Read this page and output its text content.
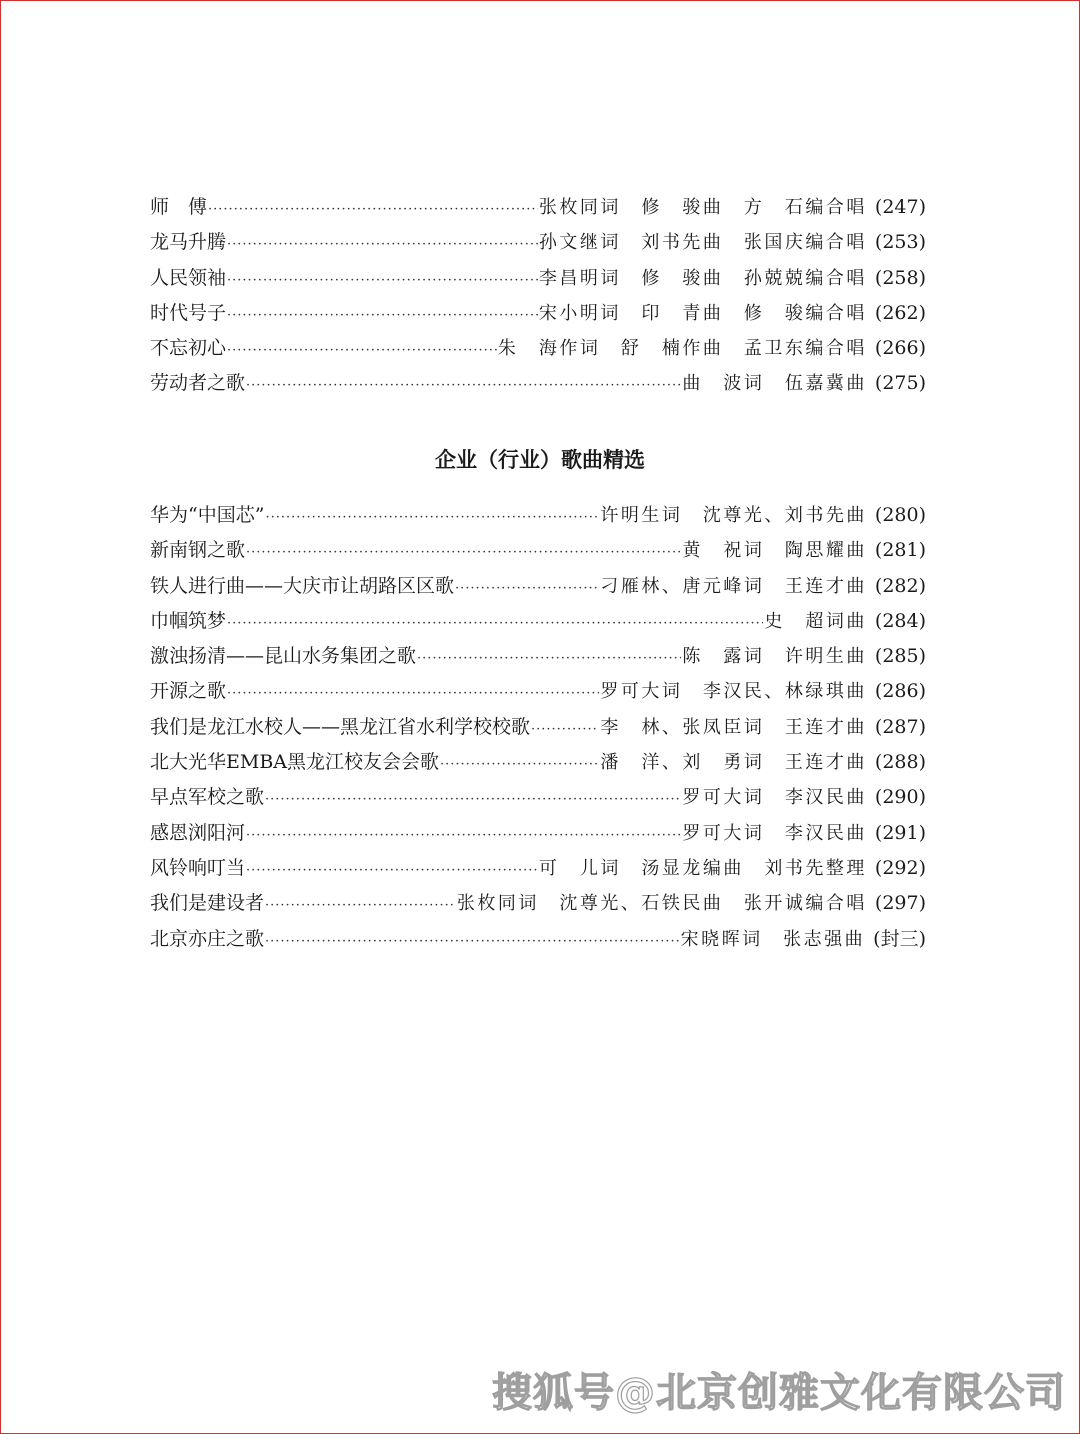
师　傅 ·····	张枚同词　修　骏曲　方　石编合唱 (247)
龙马升腾 ·····	孙文继词　刘书先曲　张国庆编合唱 (253)
人民领袖 ·····	李昌明词　修　骏曲　孙兢兢编合唱 (258)
时代号子 ·····	宋小明词　印　青曲　修　骏编合唱 (262)
不忘初心 ·····	朱　海作词　舒　楠作曲　孟卫东编合唱 (266)
劳动者之歌 ·····	曲　波词　伍嘉冀曲 (275)
企业（行业）歌曲精选
华为“中国芯” ·····	许明生词　沈尊光、刘书先曲 (280)
新南钢之歌 ·····	黄　祝词　陶思耀曲 (281)
铁人进行曲——大庆市让胡路区区歌 ·····	刁雁林、唐元峰词　王连才曲 (282)
巾帼筑梦 ·····	史　超词曲 (284)
激浊扬清——昆山水务集团之歌 ·····	陈　露词　许明生曲 (285)
开源之歌 ·····	罗可大词　李汉民、林绿琪曲 (286)
我们是龙江水校人——黑龙江省水利学校校歌 ·····	李　林、张凤臣词　王连才曲 (287)
北大光华EMBA黑龙江校友会会歌 ·····	潘　洋、刘　勇词　王连才曲 (288)
早点军校之歌 ·····	罗可大词　李汉民曲 (290)
感恩浏阳河 ·····	罗可大词　李汉民曲 (291)
风铃响叮当 ·····	可　儿词　汤显龙编曲　刘书先整理 (292)
我们是建设者 ·····	张枚同词　沈尊光、石铁民曲　张开诚编合唱 (297)
北京亦庄之歌 ·····	宋晓晖词　张志强曲 (封三)
搜狐号@北京创雅文化有限公司
